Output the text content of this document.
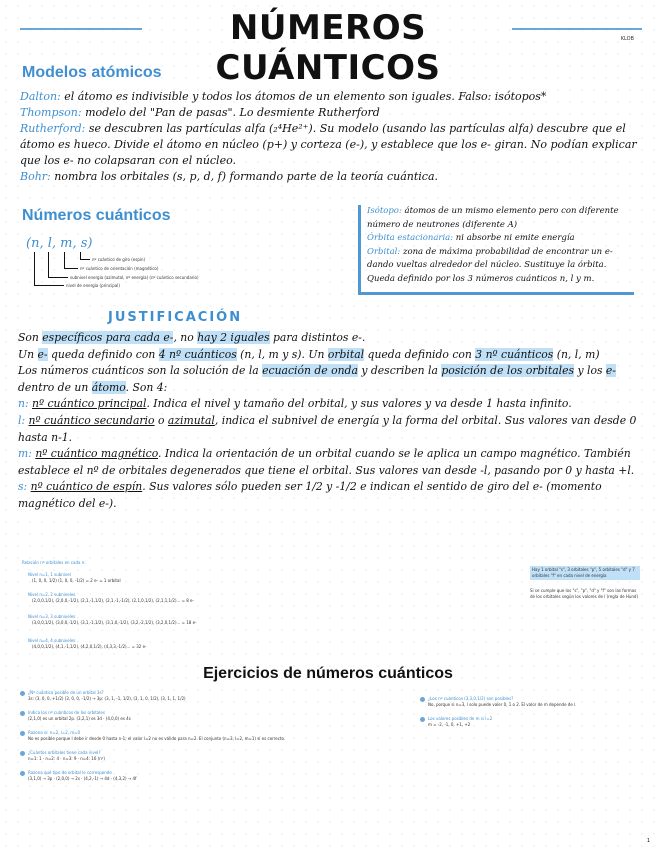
NÚMEROS CUÁNTICOS
KLOB
Modelos atómicos
Dalton: el átomo es indivisible y todos los átomos de un elemento son iguales. Falso: isótopos*
Thompson: modelo del "Pan de pasas". Lo desmiente Rutherford
Rutherford: se descubren las partículas alfa (₂⁴He²⁺). Su modelo (usando las partículas alfa) descubre que el átomo es hueco. Divide el átomo en núcleo (p+) y corteza (e-), y establece que los e- giran. No podían explicar que los e- no colapsaran con el núcleo.
Bohr: nombra los orbitales (s, p, d, f) formando parte de la teoría cuántica.
Números cuánticos
(n, l, m, s)
nº cuántico de giro (espín)
nº cuántico de orientación (magnético)
subnivel energía (azimutal, nº energía) (nº cuántico secundario)
nivel de energía (principal)
Isótopo: átomos de un mismo elemento pero con diferente número de neutrones (diferente A)
Órbita estacionaria: ni absorbe ni emite energía
Orbital: zona de máxima probabilidad de encontrar un e- dando vueltas alrededor del núcleo. Sustituye la órbita. Queda definido por los 3 números cuánticos n, l y m.
JUSTIFICACIÓN
Son específicos para cada e-, no hay 2 iguales para distintos e-.
Un e- queda definido con 4 nº cuánticos (n, l, m y s). Un orbital queda definido con 3 nº cuánticos (n, l, m)
Los números cuánticos son la solución de la ecuación de onda y describen la posición de los orbitales y los e- dentro de un átomo. Son 4:
n: nº cuántico principal. Indica el nivel y tamaño del orbital, y sus valores y va desde 1 hasta infinito.
l: nº cuántico secundario o azimutal, indica el subnivel de energía y la forma del orbital. Sus valores van desde 0 hasta n-1.
m: nº cuántico magnético. Indica la orientación de un orbital cuando se le aplica un campo magnético. También establece el nº de orbitales degenerados que tiene el orbital. Sus valores van desde -l, pasando por 0 y hasta +l.
s: nº cuántico de espín. Sus valores sólo pueden ser 1/2 y -1/2 e indican el sentido de giro del e- (momento magnético del e-).
Relación nº orbitales en cada n:
Nivel n=1, 1 subnivel
(1, 0, 0, 1/2) (1, 0, 0, -1/2) = 2 e- = 1 orbital
Nivel n=2, 2 subniveles
(2,0,0,1/2), (2,0,0,-1/2), (2,1,-1,1/2), (2,1,-1,-1/2), (2,1,0,1/2), (2,1,1,1/2)... = 8 e-
Nivel n=3, 3 subniveles
(3,0,0,1/2), (3,0,0,-1/2), (3,1,-1,1/2), (3,1,0,-1/2), (3,2,-2,1/2), (3,2,0,1/2)... = 18 e-
Nivel n=4, 4 subniveles
(4,0,0,1/2), (4,1,-1,1/2), (4,2,0,1/2), (4,3,3,-1/2)... = 32 e-
Hay 1 orbital "s", 3 orbitales "p", 5 orbitales "d" y 7 orbitales "f" en cada nivel de energía
Si se cumple que los "s", "p", "d" y "f" son las formas de los orbitales según los valores de l (regla de Hund)
Ejercicios de números cuánticos
¿Nº cuántico posible de un orbital 3s?
3s: (3, 0, 0, +1/2) (3, 0, 0, -1/2) → 3p: (3, 1, -1, 1/2), (3, 1, 0, 1/2), (3, 1, 1, 1/2)
Indica los nº cuánticos de los orbitales
(2,1,0) es un orbital 2p. (3,2,1) es 3d · (4,0,0) es 4s
Razona si: n=2, l=2, m=0
No es posible porque l debe ir desde 0 hasta n-1; el valor l=2 no es válido para n=2. El conjunto (n=3, l=2, m=1) sí es correcto.
¿Cuántos orbitales tiene cada nivel?
n=1: 1 · n=2: 4 · n=3: 9 · n=4: 16 (n²)
Razona qué tipo de orbital le corresponde
(3,1,0) → 3p · (2,0,0) → 2s · (4,2,-1) → 4d · (4,3,2) → 4f
¿Los nº cuánticos (3,3,0,1/2) son posibles?
No, porque si n=3, l solo puede valer 0, 1 o 2. El valor de m depende de l.
Los valores posibles de m si l=2
m = -2, -1, 0, +1, +2
1
